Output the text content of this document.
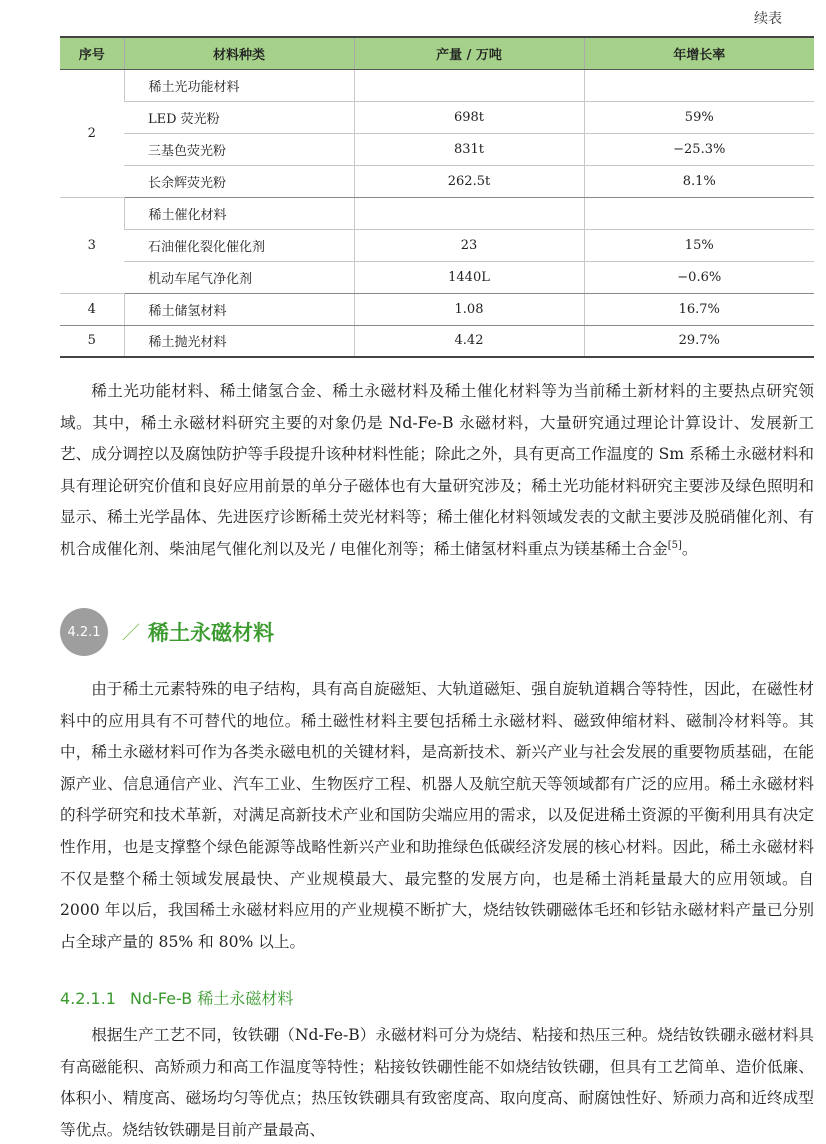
续表
序号	材料种类	产量 / 万吨	年增长率
2	稀土光功能材料		
	LED 荧光粉	698t	59%
	三基色荧光粉	831t	−25.3%
	长余辉荧光粉	262.5t	8.1%
3	稀土催化材料		
	石油催化裂化催化剂	23	15%
	机动车尾气净化剂	1440L	−0.6%
4	稀土储氢材料	1.08	16.7%
5	稀土抛光材料	4.42	29.7%

稀土光功能材料、稀土储氢合金、稀土永磁材料及稀土催化材料等为当前稀土新材料的主要热点研究领域。其中，稀土永磁材料研究主要的对象仍是 Nd-Fe-B 永磁材料，大量研究通过理论计算设计、发展新工艺、成分调控以及腐蚀防护等手段提升该种材料性能；除此之外，具有更高工作温度的 Sm 系稀土永磁材料和具有理论研究价值和良好应用前景的单分子磁体也有大量研究涉及；稀土光功能材料研究主要涉及绿色照明和显示、稀土光学晶体、先进医疗诊断稀土荧光材料等；稀土催化材料领域发表的文献主要涉及脱硝催化剂、有机合成催化剂、柴油尾气催化剂以及光 / 电催化剂等；稀土储氢材料重点为镁基稀土合金[5]。

4.2.1	／ 稀土永磁材料

由于稀土元素特殊的电子结构，具有高自旋磁矩、大轨道磁矩、强自旋轨道耦合等特性，因此，在磁性材料中的应用具有不可替代的地位。稀土磁性材料主要包括稀土永磁材料、磁致伸缩材料、磁制冷材料等。其中，稀土永磁材料可作为各类永磁电机的关键材料，是高新技术、新兴产业与社会发展的重要物质基础，在能源产业、信息通信产业、汽车工业、生物医疗工程、机器人及航空航天等领域都有广泛的应用。稀土永磁材料的科学研究和技术革新，对满足高新技术产业和国防尖端应用的需求，以及促进稀土资源的平衡利用具有决定性作用，也是支撑整个绿色能源等战略性新兴产业和助推绿色低碳经济发展的核心材料。因此，稀土永磁材料不仅是整个稀土领域发展最快、产业规模最大、最完整的发展方向，也是稀土消耗量最大的应用领域。自 2000 年以后，我国稀土永磁材料应用的产业规模不断扩大，烧结钕铁硼磁体毛坯和钐钴永磁材料产量已分别占全球产量的 85% 和 80% 以上。

4.2.1.1 Nd-Fe-B 稀土永磁材料

根据生产工艺不同，钕铁硼（Nd-Fe-B）永磁材料可分为烧结、粘接和热压三种。烧结钕铁硼永磁材料具有高磁能积、高矫顽力和高工作温度等特性；粘接钕铁硼性能不如烧结钕铁硼，但具有工艺简单、造价低廉、体积小、精度高、磁场均匀等优点；热压钕铁硼具有致密度高、取向度高、耐腐蚀性好、矫顽力高和近终成型等优点。烧结钕铁硼是目前产量最高、
